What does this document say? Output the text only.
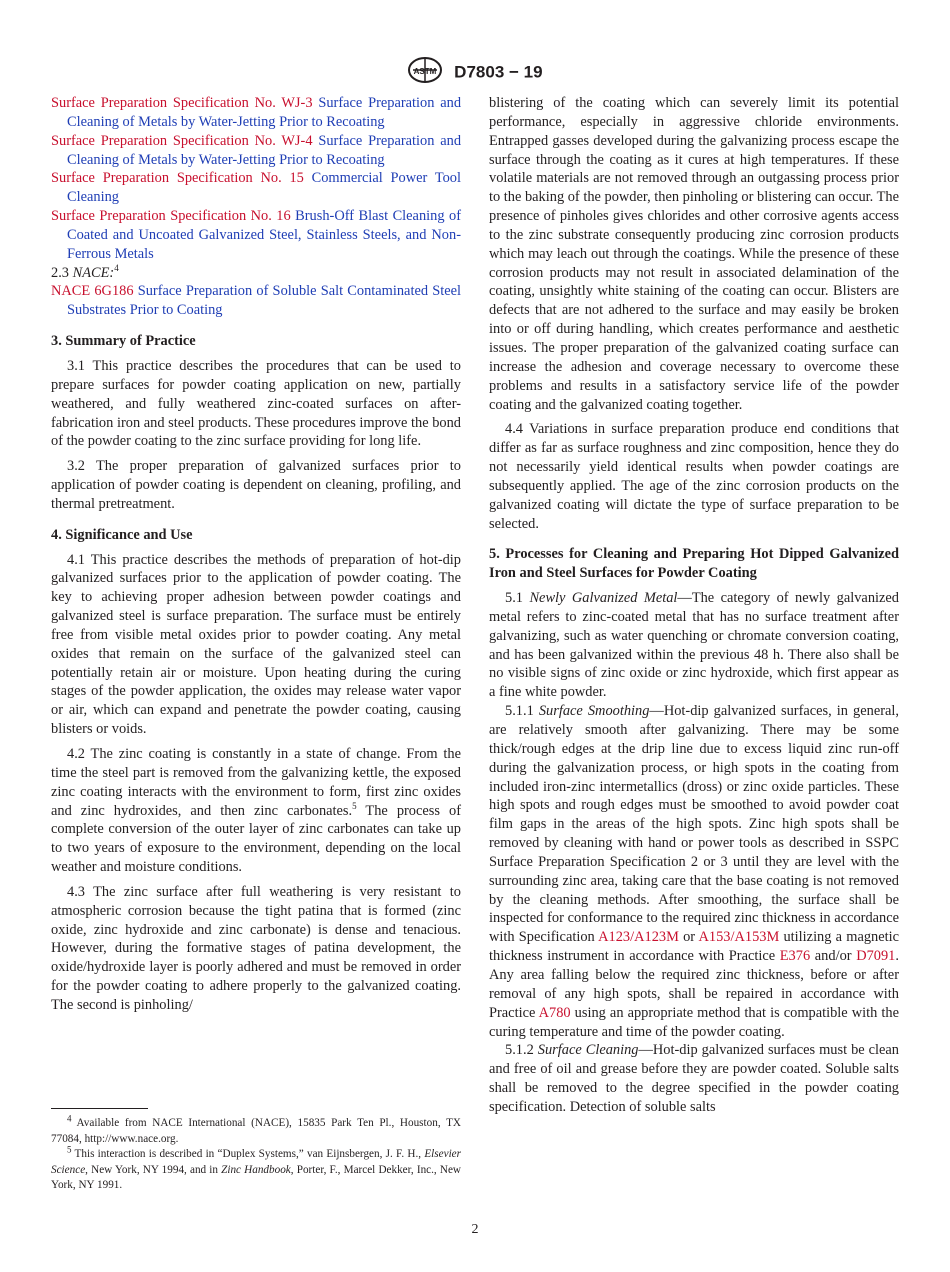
ASTM D7803 − 19

Surface Preparation Specification No. WJ-3 Surface Preparation and Cleaning of Metals by Water-Jetting Prior to Recoating

Surface Preparation Specification No. WJ-4 Surface Preparation and Cleaning of Metals by Water-Jetting Prior to Recoating

Surface Preparation Specification No. 15 Commercial Power Tool Cleaning

Surface Preparation Specification No. 16 Brush-Off Blast Cleaning of Coated and Uncoated Galvanized Steel, Stainless Steels, and Non-Ferrous Metals

2.3 NACE:$^4$

NACE 6G186 Surface Preparation of Soluble Salt Contaminated Steel Substrates Prior to Coating

3. Summary of Practice

3.1 This practice describes the procedures that can be used to prepare surfaces for powder coating application on new, partially weathered, and fully weathered zinc-coated surfaces on after-fabrication iron and steel products. These procedures improve the bond of the powder coating to the zinc surface providing for long life.

3.2 The proper preparation of galvanized surfaces prior to application of powder coating is dependent on cleaning, profiling, and thermal pretreatment.

4. Significance and Use

4.1 This practice describes the methods of preparation of hot-dip galvanized surfaces prior to the application of powder coating. The key to achieving proper adhesion between powder coatings and galvanized steel is surface preparation. The surface must be entirely free from visible metal oxides prior to powder coating. Any metal oxides that remain on the surface of the galvanized steel can potentially retain air or moisture. Upon heating during the curing stages of the powder application, the oxides may release water vapor or air, which can expand and penetrate the powder coating, causing blisters or voids.

4.2 The zinc coating is constantly in a state of change. From the time the steel part is removed from the galvanizing kettle, the exposed zinc coating interacts with the environment to form, first zinc oxides and zinc hydroxides, and then zinc carbonates.$^5$ The process of complete conversion of the outer layer of zinc carbonates can take up to two years of exposure to the environment, depending on the local weather and moisture conditions.

4.3 The zinc surface after full weathering is very resistant to atmospheric corrosion because the tight patina that is formed (zinc oxide, zinc hydroxide and zinc carbonate) is dense and tenacious. However, during the formative stages of patina development, the oxide/hydroxide layer is poorly adhered and must be removed in order for the powder coating to adhere properly to the galvanized coating. The second is pinholing/

blistering of the coating which can severely limit its potential performance, especially in aggressive chloride environments. Entrapped gasses developed during the galvanizing process escape the surface through the coating as it cures at high temperatures. If these volatile materials are not removed through an outgassing process prior to the baking of the powder, then pinholing or blistering can occur. The presence of pinholes gives chlorides and other corrosive agents access to the zinc substrate consequently producing zinc corrosion products which may leach out through the coatings. While the presence of these corrosion products may not result in associated delamination of the coating, unsightly white staining of the coating can occur. Blisters are defects that are not adhered to the surface and may easily be broken into or off during handling, which creates performance and aesthetic issues. The proper preparation of the galvanized coating surface can increase the adhesion and coverage necessary to overcome these problems and results in a satisfactory service life of the powder coating and the galvanized coating together.

4.4 Variations in surface preparation produce end conditions that differ as far as surface roughness and zinc composition, hence they do not necessarily yield identical results when powder coatings are subsequently applied. The age of the zinc corrosion products on the galvanized coating will dictate the type of surface preparation to be selected.

5. Processes for Cleaning and Preparing Hot Dipped Galvanized Iron and Steel Surfaces for Powder Coating

5.1 Newly Galvanized Metal—The category of newly galvanized metal refers to zinc-coated metal that has no surface treatment after galvanizing, such as water quenching or chromate conversion coating, and has been galvanized within the previous 48 h. There also shall be no visible signs of zinc oxide or zinc hydroxide, which first appear as a fine white powder.

5.1.1 Surface Smoothing—Hot-dip galvanized surfaces, in general, are relatively smooth after galvanizing. There may be some thick/rough edges at the drip line due to excess liquid zinc run-off during the galvanization process, or high spots in the coating from included iron-zinc intermetallics (dross) or zinc oxide particles. These high spots and rough edges must be smoothed to avoid powder coat film gaps in the areas of the high spots. Zinc high spots shall be removed by cleaning with hand or power tools as described in SSPC Surface Preparation Specification 2 or 3 until they are level with the surrounding zinc area, taking care that the base coating is not removed by the cleaning methods. After smoothing, the surface shall be inspected for conformance to the required zinc thickness in accordance with Specification A123/A123M or A153/A153M utilizing a magnetic thickness instrument in accordance with Practice E376 and/or D7091. Any area falling below the required zinc thickness, before or after removal of any high spots, shall be repaired in accordance with Practice A780 using an appropriate method that is compatible with the curing temperature and time of the powder coating.

5.1.2 Surface Cleaning—Hot-dip galvanized surfaces must be clean and free of oil and grease before they are powder coated. Soluble salts shall be removed to the degree specified in the powder coating specification. Detection of soluble salts

$^4$ Available from NACE International (NACE), 15835 Park Ten Pl., Houston, TX 77084, http://www.nace.org.

$^5$ This interaction is described in “Duplex Systems,” van Eijnsbergen, J. F. H., Elsevier Science, New York, NY 1994, and in Zinc Handbook, Porter, F., Marcel Dekker, Inc., New York, NY 1991.

2
